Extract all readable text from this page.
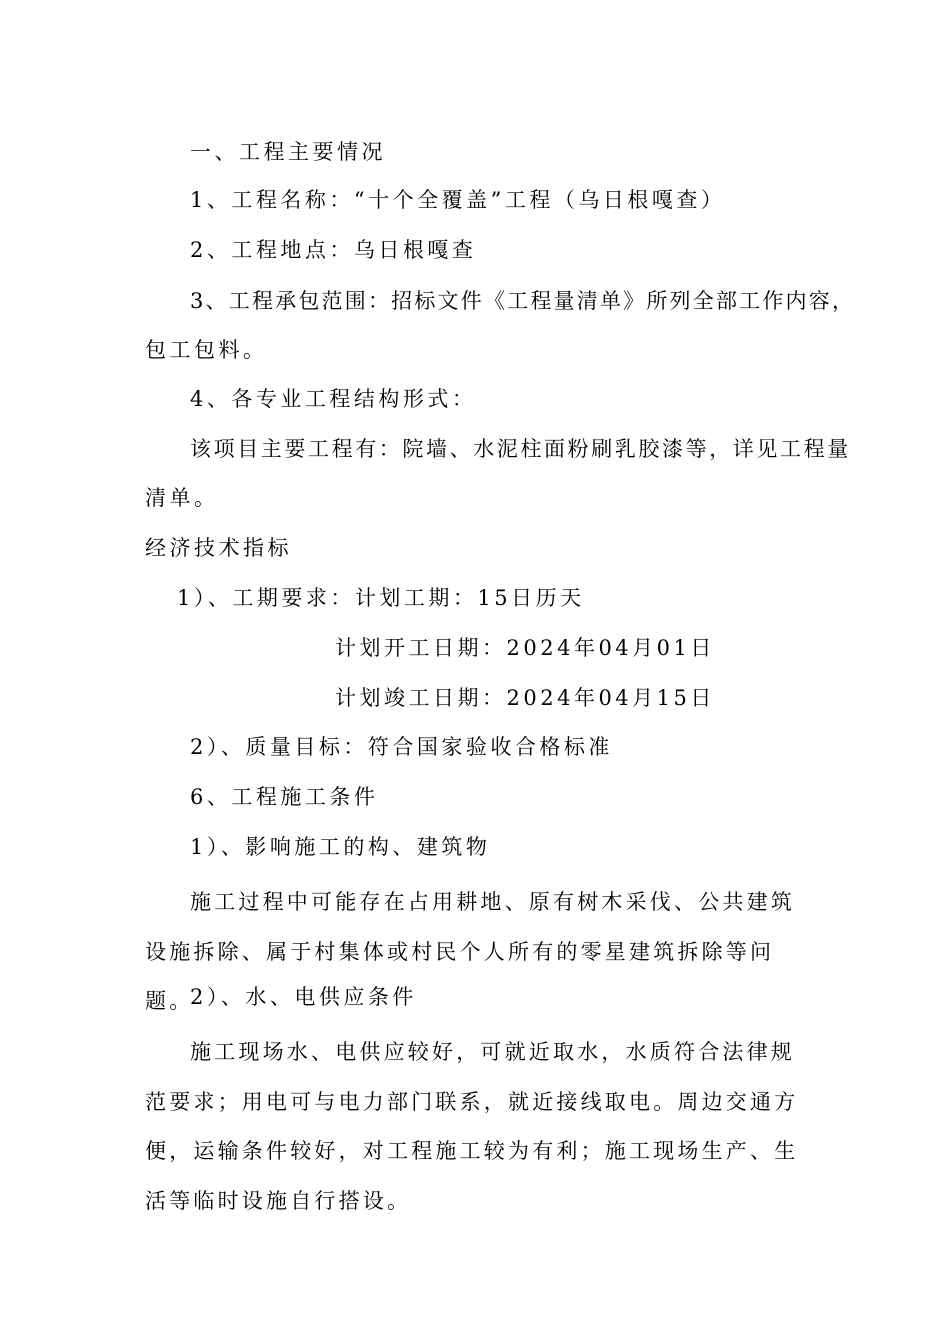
一、工程主要情况

1、工程名称：“十个全覆盖”工程（乌日根嘎查）

2、工程地点：乌日根嘎查

3、工程承包范围：招标文件《工程量清单》所列全部工作内容，

包工包料。

4、各专业工程结构形式：

该项目主要工程有：院墙、水泥柱面粉刷乳胶漆等，详见工程量

清单。

经济技术指标

1）、工期要求：计划工期：15日历天

计划开工日期：2024年04月01日

计划竣工日期：2024年04月15日

2）、质量目标：符合国家验收合格标准

6、工程施工条件

1）、影响施工的构、建筑物

施工过程中可能存在占用耕地、原有树木采伐、公共建筑设施拆除、属于村集体或村民个人所有的零星建筑拆除等问题。

2）、水、电供应条件

施工现场水、电供应较好，可就近取水，水质符合法律规范要求；用电可与电力部门联系，就近接线取电。周边交通方便，运输条件较好，对工程施工较为有利；施工现场生产、生活等临时设施自行搭设。
